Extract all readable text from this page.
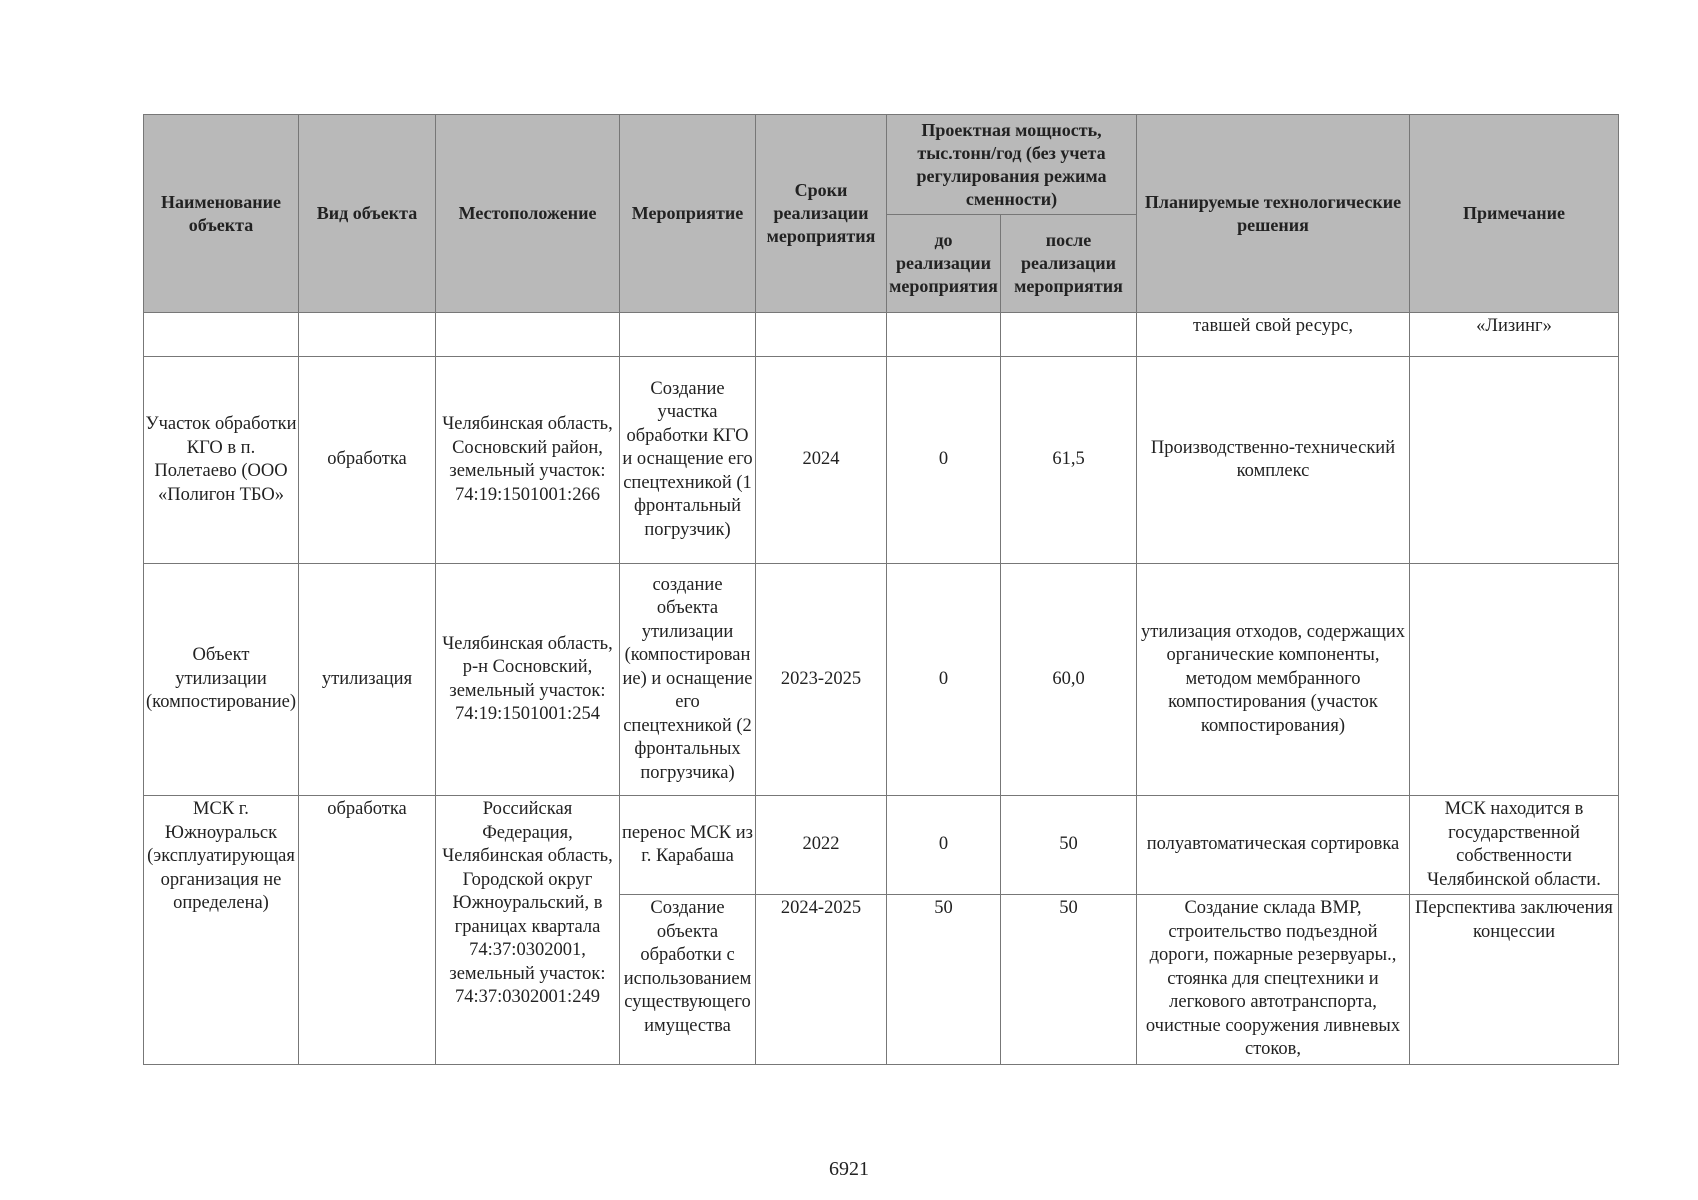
Наименование объекта	Вид объекта	Местоположение	Мероприятие	Сроки реализации мероприятия	Проектная мощность, тыс.тонн/год (без учета регулирования режима сменности)		Планируемые технологические решения	Примечание
					до реализации мероприятия	после реализации мероприятия		
							тавшей свой ресурс,	«Лизинг»
Участок обработки КГО в п. Полетаево (ООО «Полигон ТБО»	обработка	Челябинская область, Сосновский район, земельный участок: 74:19:1501001:266	Создание участка обработки КГО и оснащение его спецтехникой (1 фронтальный погрузчик)	2024	0	61,5	Производственно-технический комплекс	
Объект утилизации (компостирование)	утилизация	Челябинская область, р-н Сосновский, земельный участок: 74:19:1501001:254	создание объекта утилизации (компостирование) и оснащение его спецтехникой (2 фронтальных погрузчика)	2023-2025	0	60,0	утилизация отходов, содержащих органические компоненты, методом мембранного компостирования (участок компостирования)	
МСК г. Южноуральск (эксплуатирующая организация не определена)	обработка	Российская Федерация, Челябинская область, Городской округ Южноуральский, в границах квартала 74:37:0302001, земельный участок: 74:37:0302001:249	перенос МСК из г. Карабаша	2022	0	50	полуавтоматическая сортировка	МСК находится в государственной собственности Челябинской области.
			Создание объекта обработки с использованием существующего имущества	2024-2025	50	50	Создание склада ВМР, строительство подъездной дороги, пожарные резервуары., стоянка для спецтехники и легкового автотранспорта, очистные сооружения ливневых стоков,	Перспектива заключения концессии
6921
